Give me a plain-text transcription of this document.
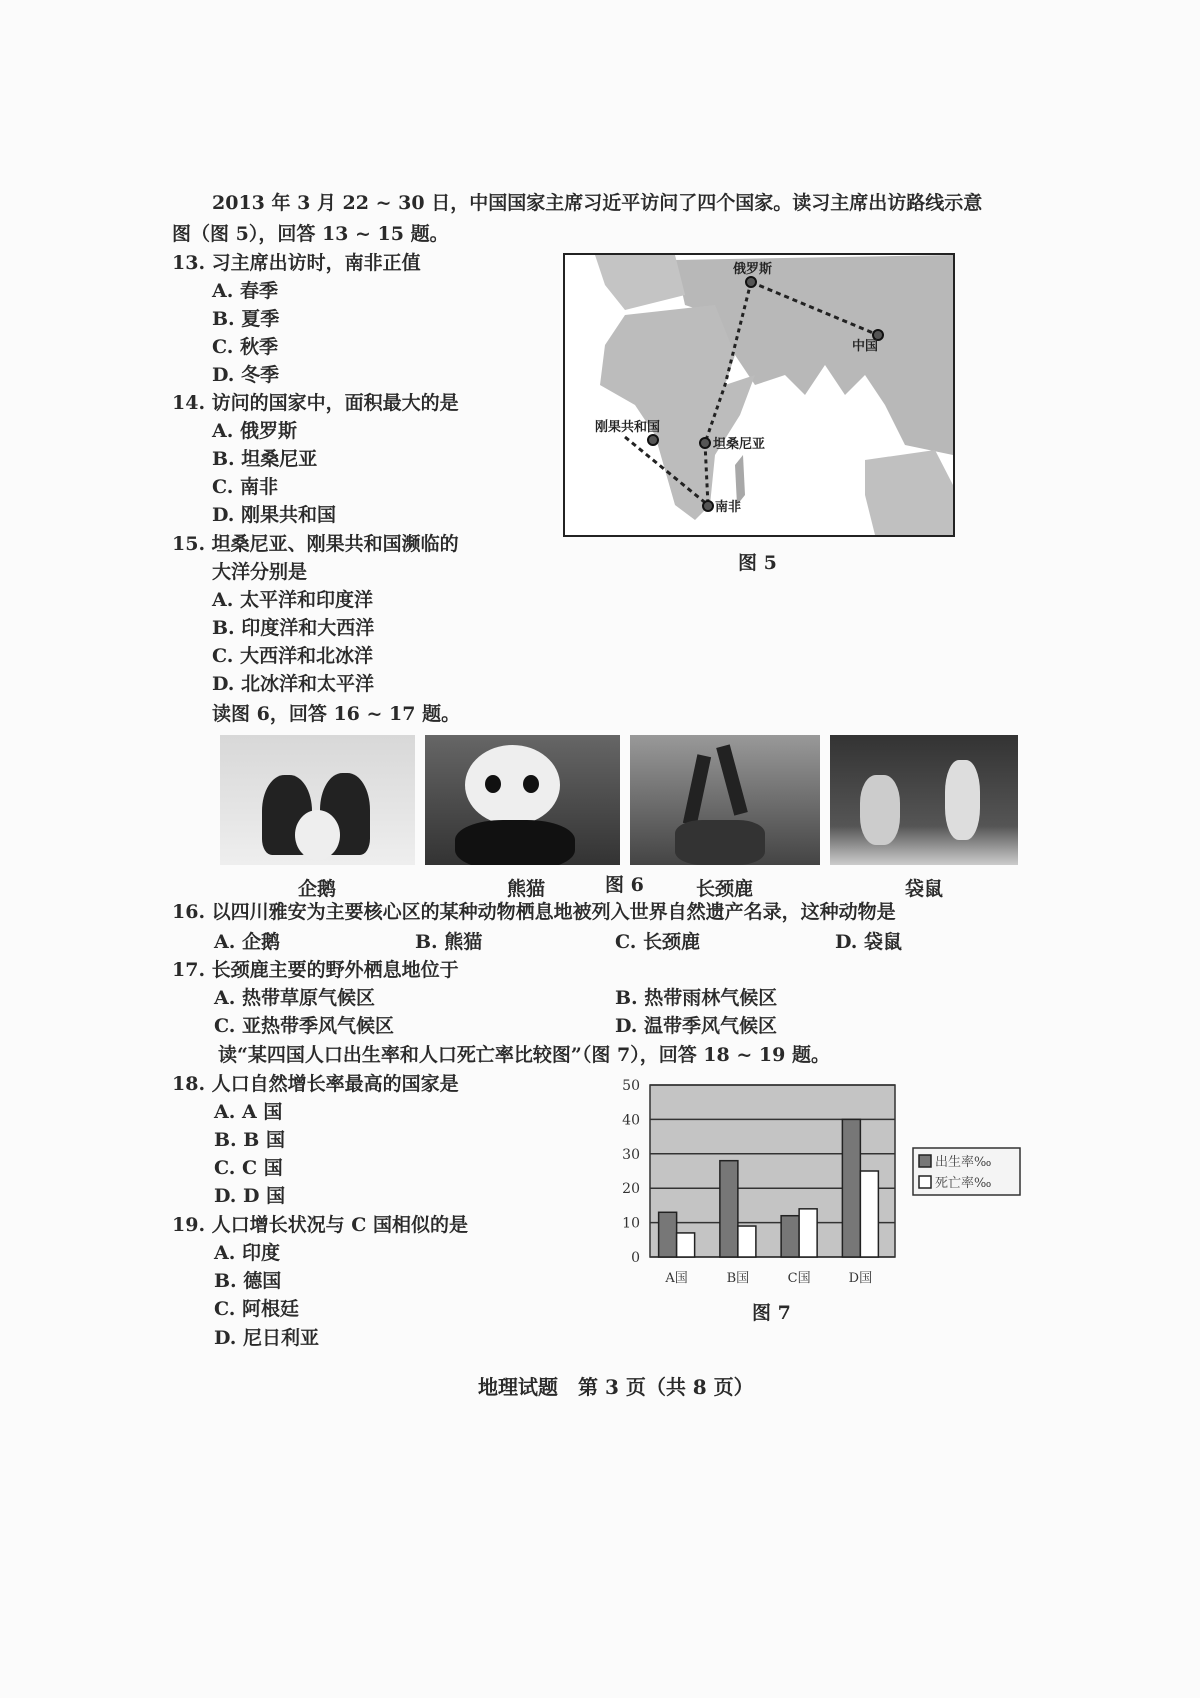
2013 年 3 月 22 ~ 30 日，中国国家主席习近平访问了四个国家。读习主席出访路线示意
图（图 5），回答 13 ~ 15 题。
13. 习主席出访时，南非正值
A. 春季
B. 夏季
C. 秋季
D. 冬季
14. 访问的国家中，面积最大的是
A. 俄罗斯
B. 坦桑尼亚
C. 南非
D. 刚果共和国
15. 坦桑尼亚、刚果共和国濒临的
大洋分别是
A. 太平洋和印度洋
B. 印度洋和大西洋
C. 大西洋和北冰洋
D. 北冰洋和太平洋
俄罗斯
中国
刚果共和国
坦桑尼亚
南非
图 5
读图 6，回答 16 ~ 17 题。
企鹅	熊猫	图 6	长颈鹿	袋鼠
16. 以四川雅安为主要核心区的某种动物栖息地被列入世界自然遗产名录，这种动物是
A. 企鹅	B. 熊猫	C. 长颈鹿	D. 袋鼠
17. 长颈鹿主要的野外栖息地位于
A. 热带草原气候区	B. 热带雨林气候区
C. 亚热带季风气候区	D. 温带季风气候区
读“某四国人口出生率和人口死亡率比较图”（图 7），回答 18 ~ 19 题。
18. 人口自然增长率最高的国家是
A. A 国
B. B 国
C. C 国
D. D 国
19. 人口增长状况与 C 国相似的是
A. 印度
B. 德国
C. 阿根廷
D. 尼日利亚
0
10
20
30
40
50
A国	B国	C国	D国
出生率‰
死亡率‰
图 7
地理试题　第 3 页（共 8 页）
